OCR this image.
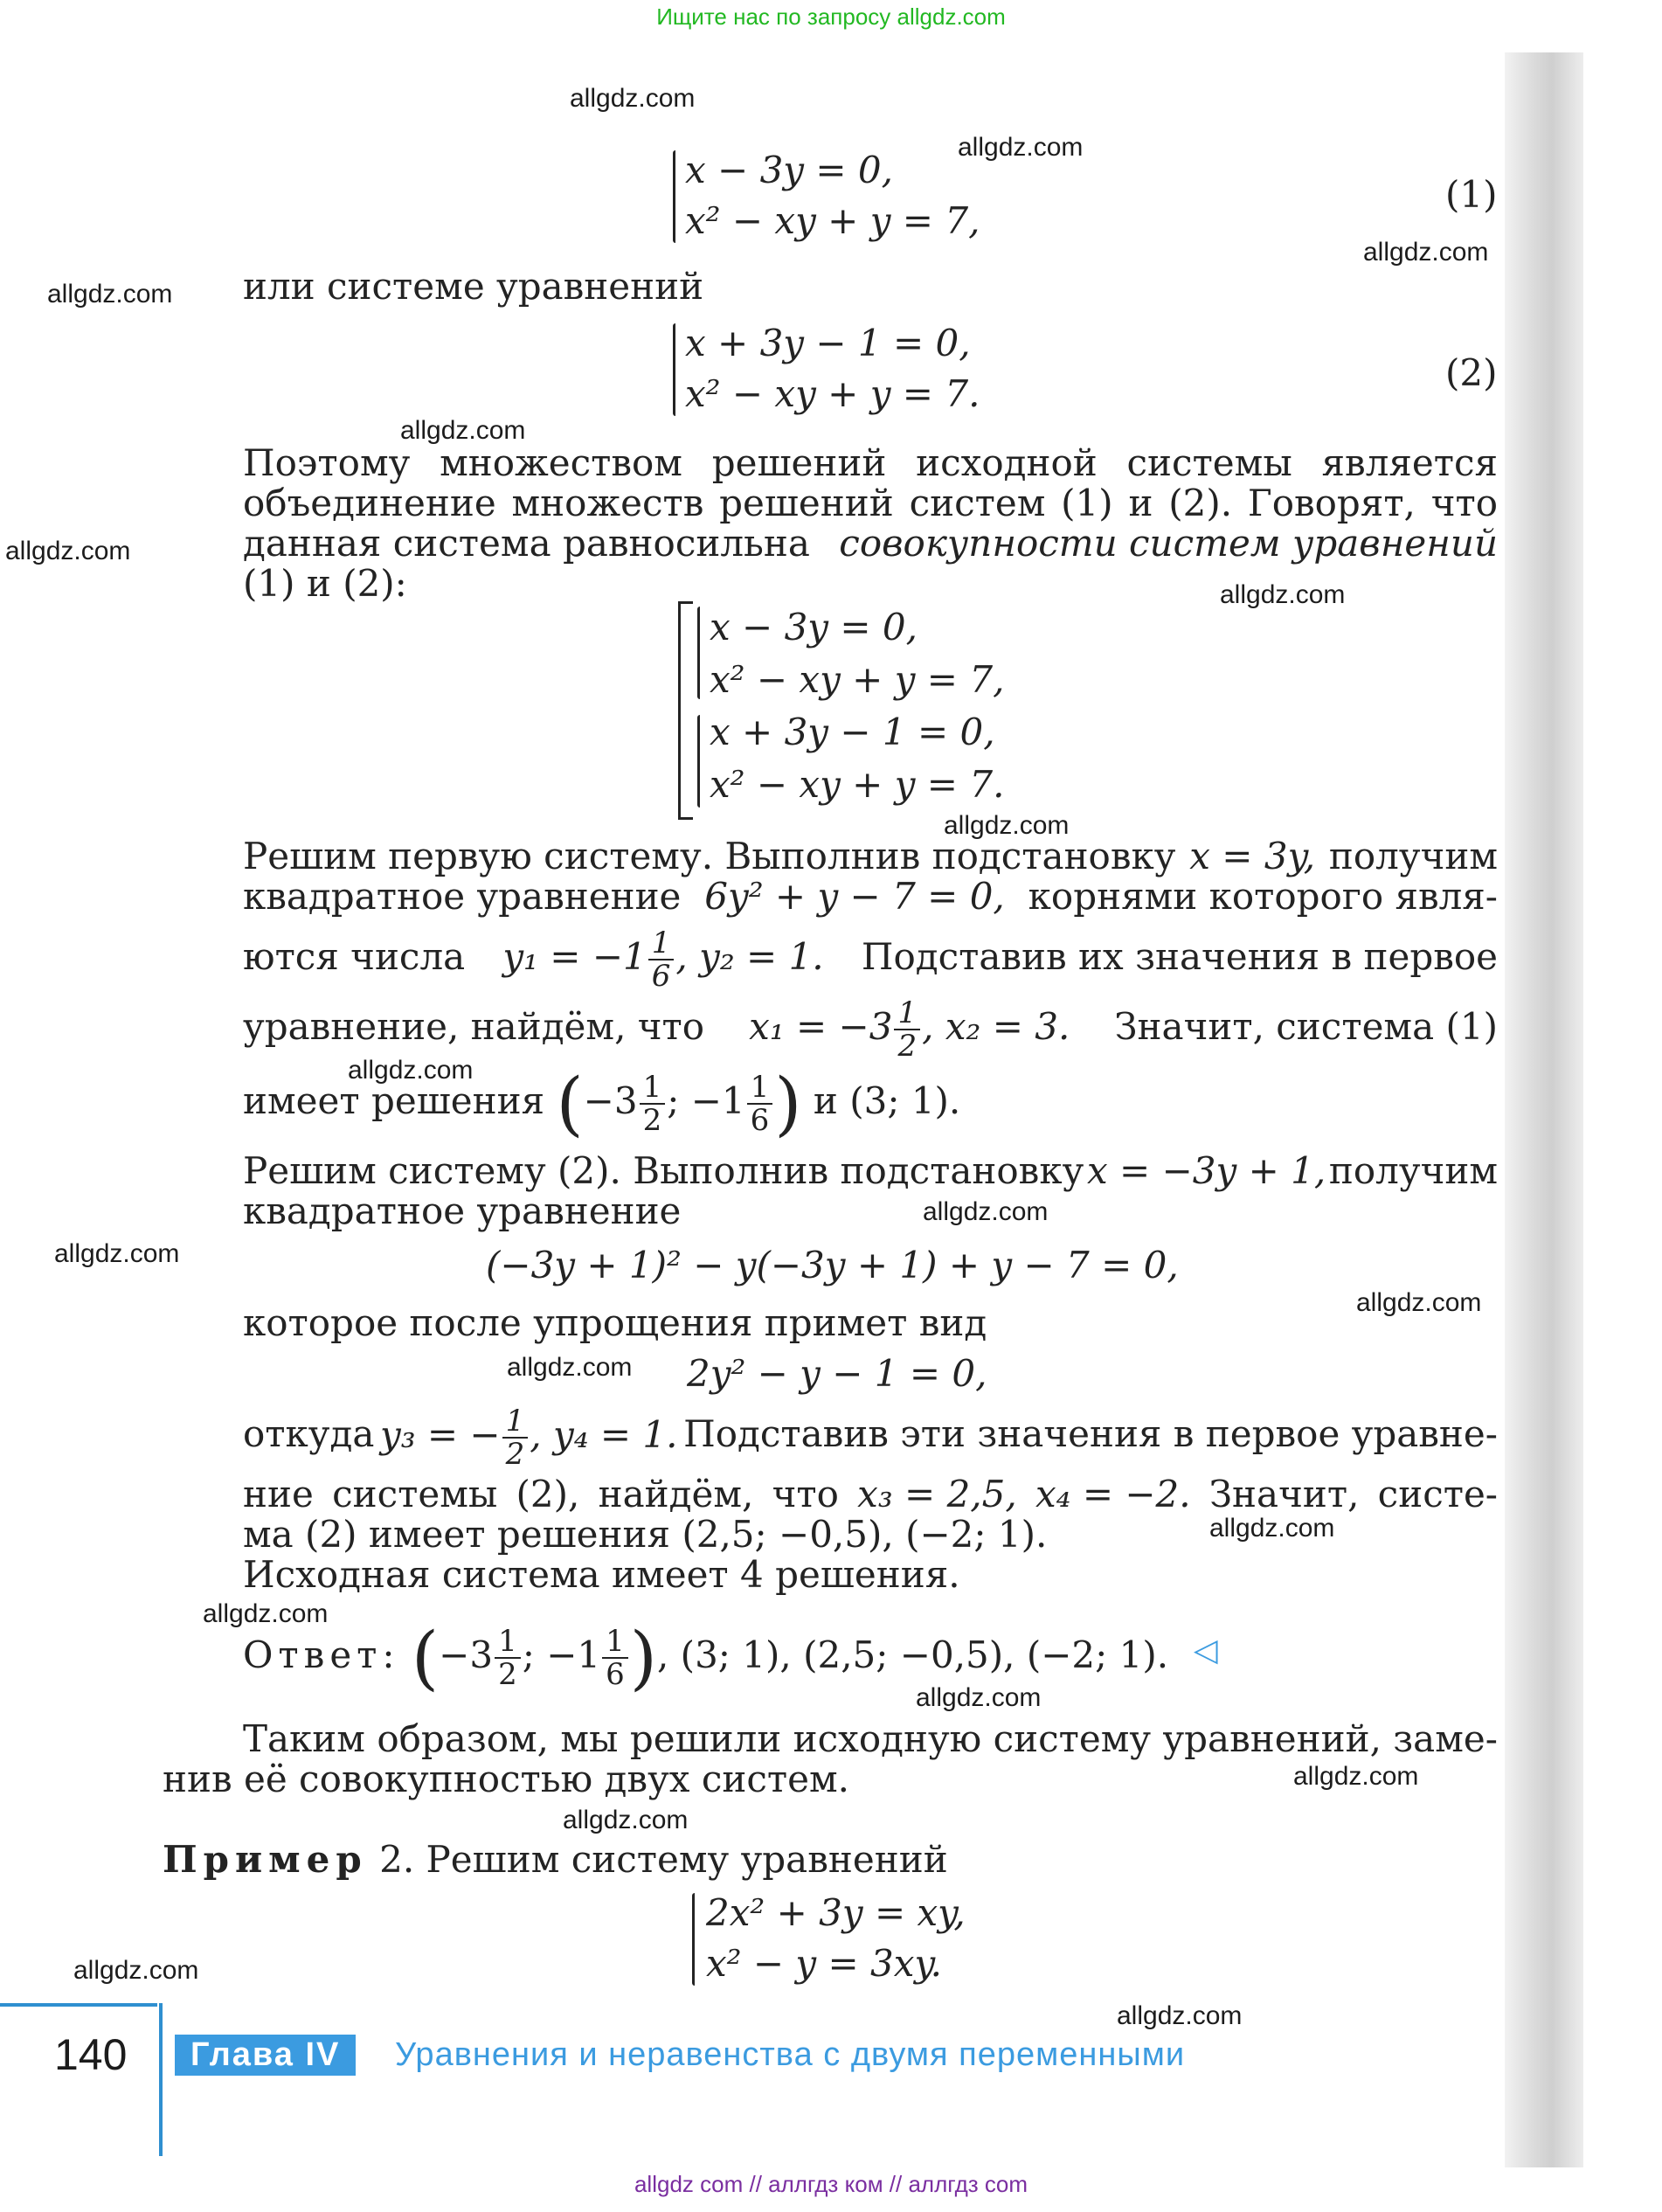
Ищите нас по запросу allgdz.com
x − 3y = 0,
x² − xy + y = 7,
(1)
или системе уравнений
x + 3y − 1 = 0,
x² − xy + y = 7.	(2)
Поэтому множеством решений исходной системы является
объединение множеств решений систем (1) и (2). Говорят, что
данная система равносильна совокупности систем уравнений
(1) и (2):
x − 3y = 0,
x² − xy + y = 7,
x + 3y − 1 = 0,
x² − xy + y = 7.
Решим первую систему. Выполнив подстановку x = 3y, получим
квадратное уравнение 6y² + y − 7 = 0, корнями которого явля-
ются числа $y_1 = -1 \frac{1}{6}$ , y₂ = 1. Подставив их значения в первое
уравнение, найдём, что $x_1 = -3 \frac{1}{2}$ , x₂ = 3. Значит, система (1)
имеет решения ($-3 \frac{1}{2}$ ; $-1 \frac{1}{6}$ ) и (3; 1).
Решим систему (2). Выполнив подстановку x = −3y + 1, получим
квадратное уравнение
(−3y + 1)² − y(−3y + 1) + y − 7 = 0,
которое после упрощения примет вид
2y² − y − 1 = 0,
откуда y₃ = − $\frac{1}{2}$ , y₄ = 1. Подставив эти значения в первое уравне-
ние системы (2), найдём, что x₃ = 2,5, x₄ = −2. Значит, систе-
ма (2) имеет решения (2,5; −0,5), (−2; 1).
Исходная система имеет 4 решения.
Ответ: ($-3 \frac{1}{2}$ ; $-1 \frac{1}{6}$ ), (3; 1), (2,5; −0,5), (−2; 1). ◁
Таким образом, мы решили исходную систему уравнений, заме-
нив её совокупностью двух систем.
Пример 2. Решим систему уравнений
2x² + 3y = xy,
x² − y = 3xy.
140	Глава IV	Уравнения и неравенства с двумя переменными
allgdz.com
allgdz.com
allgdz.com
allgdz.com
allgdz.com
allgdz.com
allgdz.com
allgdz.com
allgdz.com
allgdz.com
allgdz.com
allgdz.com
allgdz.com
allgdz.com
allgdz.com
allgdz.com
allgdz.com
allgdz.com
allgdz.com
allgdz.com
allgdz com // аллгдз ком // аллгдз com
